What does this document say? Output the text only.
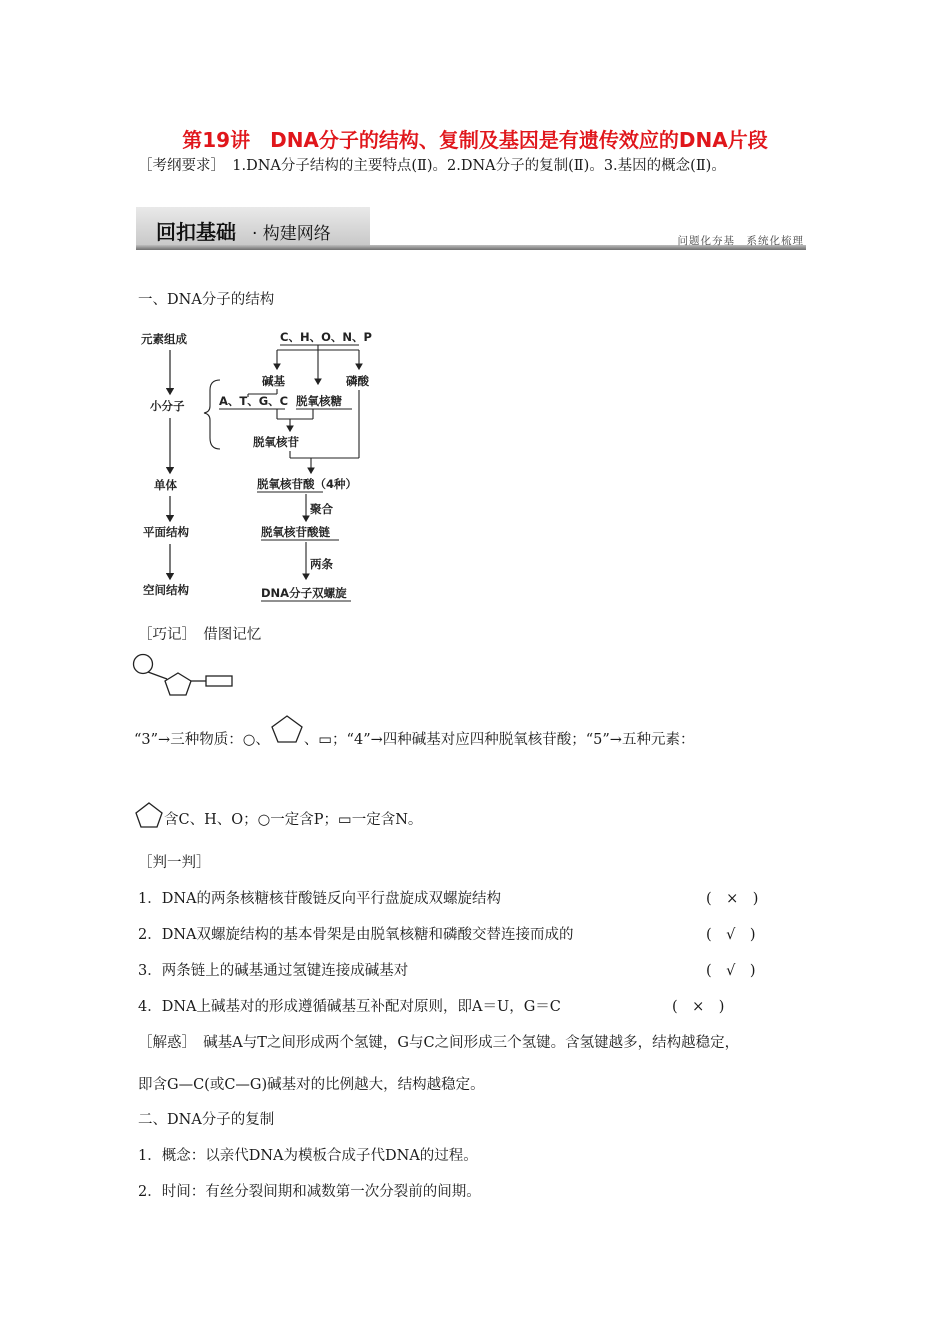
第19讲　DNA分子的结构、复制及基因是有遗传效应的DNA片段
［考纲要求］　1.DNA分子结构的主要特点(Ⅱ)。2.DNA分子的复制(Ⅱ)。3.基因的概念(Ⅱ)。
回扣基础 · 构建网络	问题化夯基　系统化梳理
一、DNA分子的结构
元素组成
小分子
单体
平面结构
空间结构
C、H、O、N、P
碱基	磷酸
A、T、G、C 脱氧核糖
脱氧核苷
脱氧核苷酸（4种）
聚合
脱氧核苷酸链
两条
DNA分子双螺旋
［巧记］　借图记忆
“3”→三种物质：○、 、▭；“4”→四种碱基对应四种脱氧核苷酸；“5”→五种元素：
含C、H、O；○一定含P；▭一定含N。
［判一判］
1．DNA的两条核糖核苷酸链反向平行盘旋成双螺旋结构	(　×　)
2．DNA双螺旋结构的基本骨架是由脱氧核糖和磷酸交替连接而成的	(　√　)
3．两条链上的碱基通过氢键连接成碱基对	(　√　)
4．DNA上碱基对的形成遵循碱基互补配对原则，即A＝U，G＝C	(　×　)
［解惑］　碱基A与T之间形成两个氢键，G与C之间形成三个氢键。含氢键越多，结构越稳定，
即含G—C(或C—G)碱基对的比例越大，结构越稳定。
二、DNA分子的复制
1．概念：以亲代DNA为模板合成子代DNA的过程。
2．时间：有丝分裂间期和减数第一次分裂前的间期。
